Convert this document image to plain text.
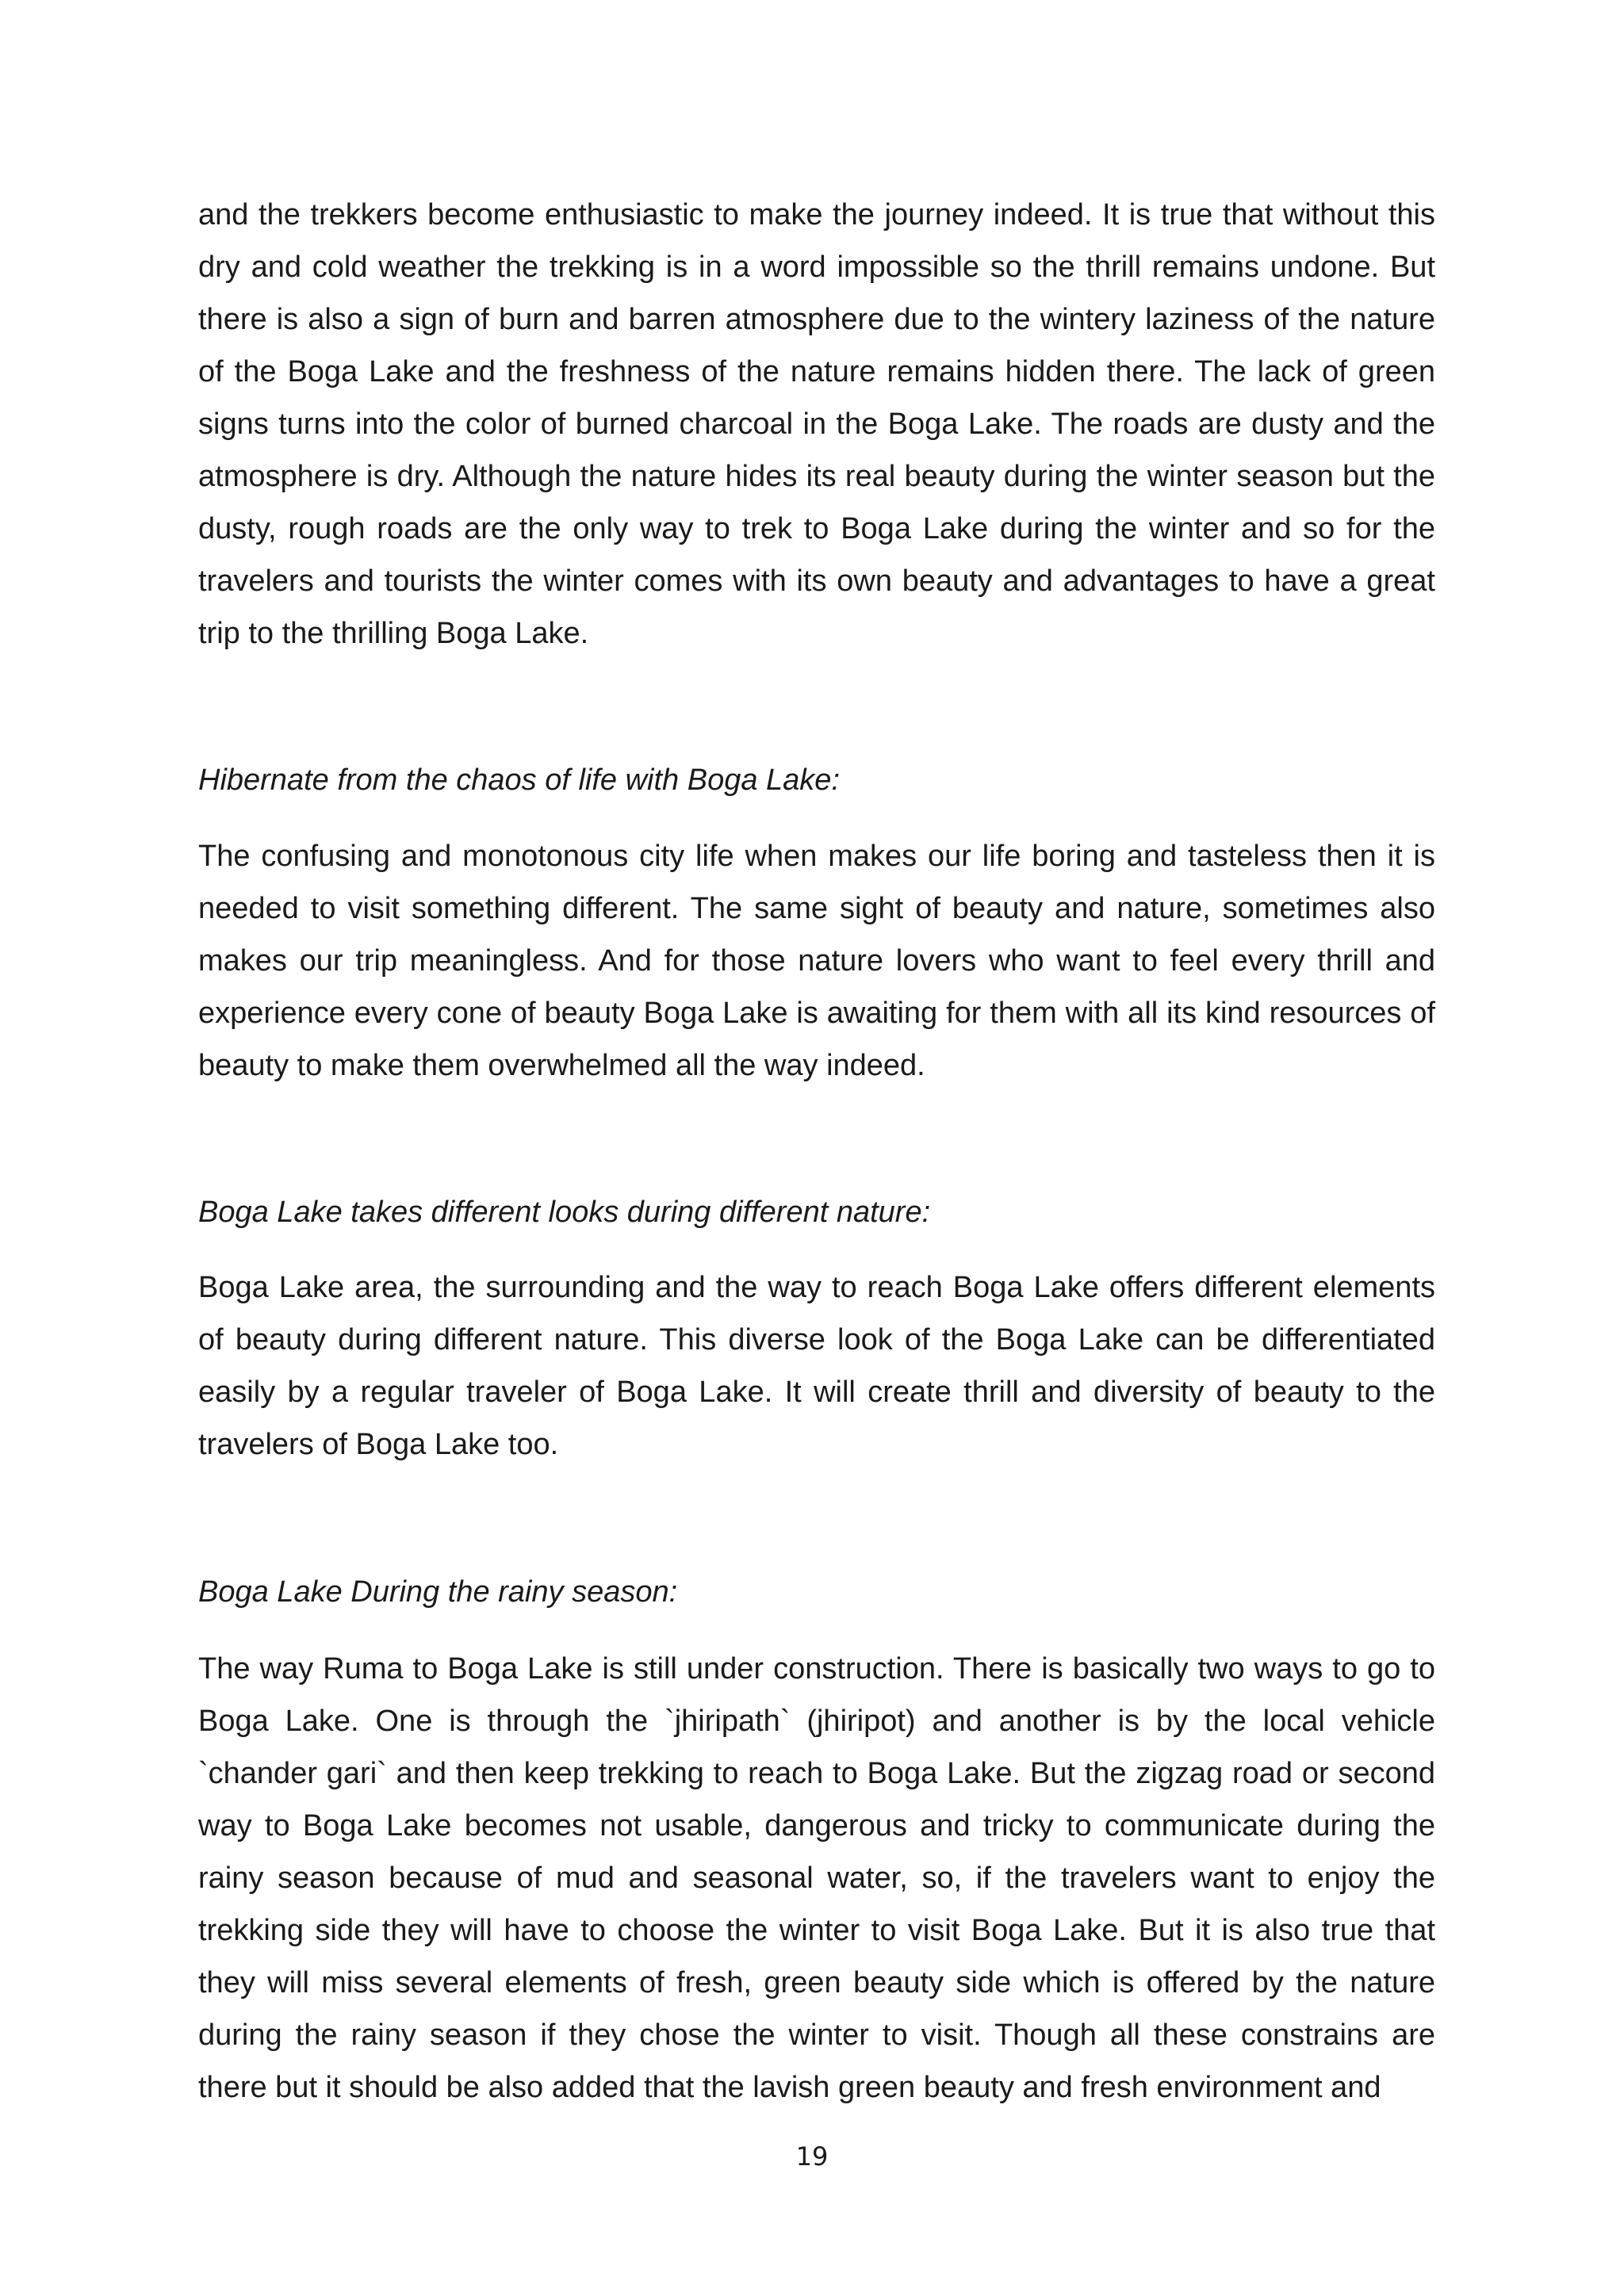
and the trekkers become enthusiastic to make the journey indeed. It is true that without this dry and cold weather the trekking is in a word impossible so the thrill remains undone. But there is also a sign of burn and barren atmosphere due to the wintery laziness of the nature of the Boga Lake and the freshness of the nature remains hidden there. The lack of green signs turns into the color of burned charcoal in the Boga Lake. The roads are dusty and the atmosphere is dry. Although the nature hides its real beauty during the winter season but the dusty, rough roads are the only way to trek to Boga Lake during the winter and so for the travelers and tourists the winter comes with its own beauty and advantages to have a great trip to the thrilling Boga Lake.

Hibernate from the chaos of life with Boga Lake:

The confusing and monotonous city life when makes our life boring and tasteless then it is needed to visit something different. The same sight of beauty and nature, sometimes also makes our trip meaningless. And for those nature lovers who want to feel every thrill and experience every cone of beauty Boga Lake is awaiting for them with all its kind resources of beauty to make them overwhelmed all the way indeed.

Boga Lake takes different looks during different nature:

Boga Lake area, the surrounding and the way to reach Boga Lake offers different elements of beauty during different nature. This diverse look of the Boga Lake can be differentiated easily by a regular traveler of Boga Lake. It will create thrill and diversity of beauty to the travelers of Boga Lake too.

Boga Lake During the rainy season:

The way Ruma to Boga Lake is still under construction. There is basically two ways to go to Boga Lake. One is through the `jhiripath` (jhiripot) and another is by the local vehicle `chander gari` and then keep trekking to reach to Boga Lake. But the zigzag road or second way to Boga Lake becomes not usable, dangerous and tricky to communicate during the rainy season because of mud and seasonal water, so, if the travelers want to enjoy the trekking side they will have to choose the winter to visit Boga Lake. But it is also true that they will miss several elements of fresh, green beauty side which is offered by the nature during the rainy season if they chose the winter to visit. Though all these constrains are there but it should be also added that the lavish green beauty and fresh environment and

19
